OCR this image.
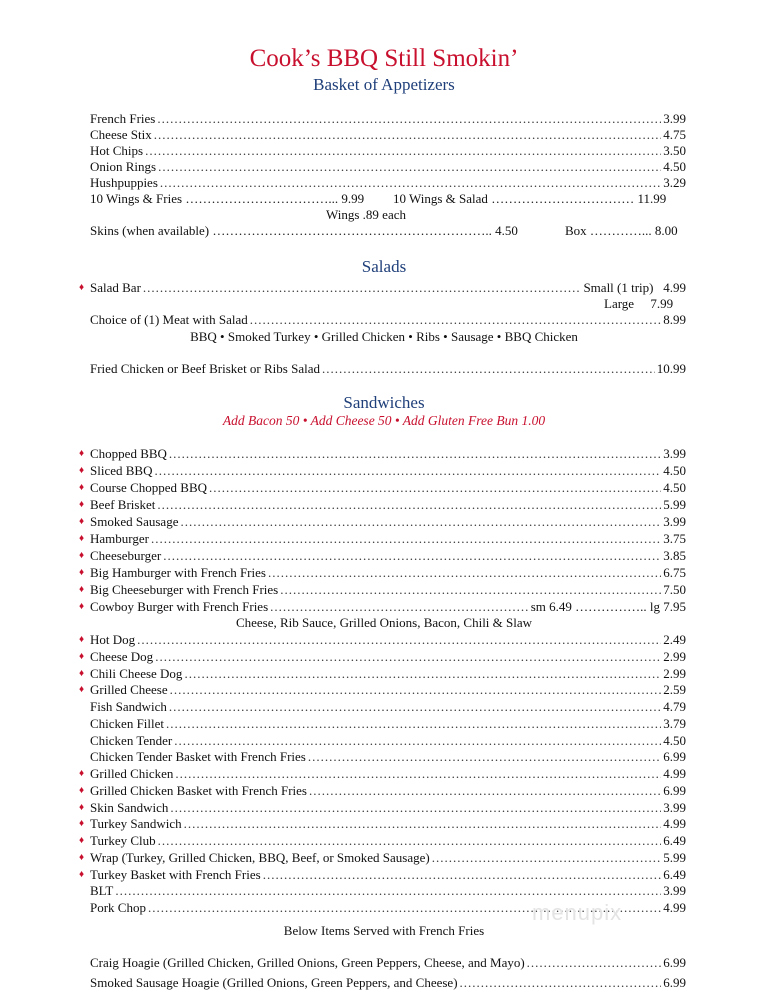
Cook’s BBQ Still Smokin’
Basket of Appetizers
French Fries .....	3.99
Cheese Stix .....	4.75
Hot Chips .....	3.50
Onion Rings .....	4.50
Hushpuppies .....	3.29
10 Wings & Fries ……………………………... 9.99 10 Wings & Salad …………………………… 11.99
Wings .89 each
Skins (when available) ……………………………………………………….. 4.50	Box …………... 8.00
Salads
♦ Salad Bar .....	Small (1 trip) 4.99
Large 7.99
Choice of (1) Meat with Salad .....	8.99
BBQ • Smoked Turkey • Grilled Chicken • Ribs • Sausage • BBQ Chicken
Fried Chicken or Beef Brisket or Ribs Salad .....	10.99
Sandwiches
Add Bacon 50 • Add Cheese 50 • Add Gluten Free Bun 1.00
♦ Chopped BBQ .....	3.99
♦ Sliced BBQ .....	4.50
♦ Course Chopped BBQ .....	4.50
♦ Beef Brisket .....	5.99
♦ Smoked Sausage .....	3.99
♦ Hamburger .....	3.75
♦ Cheeseburger .....	3.85
♦ Big Hamburger with French Fries .....	6.75
♦ Big Cheeseburger with French Fries .....	7.50
♦ Cowboy Burger with French Fries .....	sm 6.49 …………….. lg 7.95
Cheese, Rib Sauce, Grilled Onions, Bacon, Chili & Slaw
♦ Hot Dog .....	2.49
♦ Cheese Dog .....	2.99
♦ Chili Cheese Dog .....	2.99
♦ Grilled Cheese .....	2.59
Fish Sandwich .....	4.79
Chicken Fillet .....	3.79
Chicken Tender .....	4.50
Chicken Tender Basket with French Fries .....	6.99
♦ Grilled Chicken .....	4.99
♦ Grilled Chicken Basket with French Fries .....	6.99
♦ Skin Sandwich .....	3.99
♦ Turkey Sandwich .....	4.99
♦ Turkey Club .....	6.49
♦ Wrap (Turkey, Grilled Chicken, BBQ, Beef, or Smoked Sausage) .....	5.99
♦ Turkey Basket with French Fries .....	6.49
BLT .....	3.99
Pork Chop .....	4.99
Below Items Served with French Fries
Craig Hoagie (Grilled Chicken, Grilled Onions, Green Peppers, Cheese, and Mayo) .....	6.99
Smoked Sausage Hoagie (Grilled Onions, Green Peppers, and Cheese) .....	6.99
menupix
